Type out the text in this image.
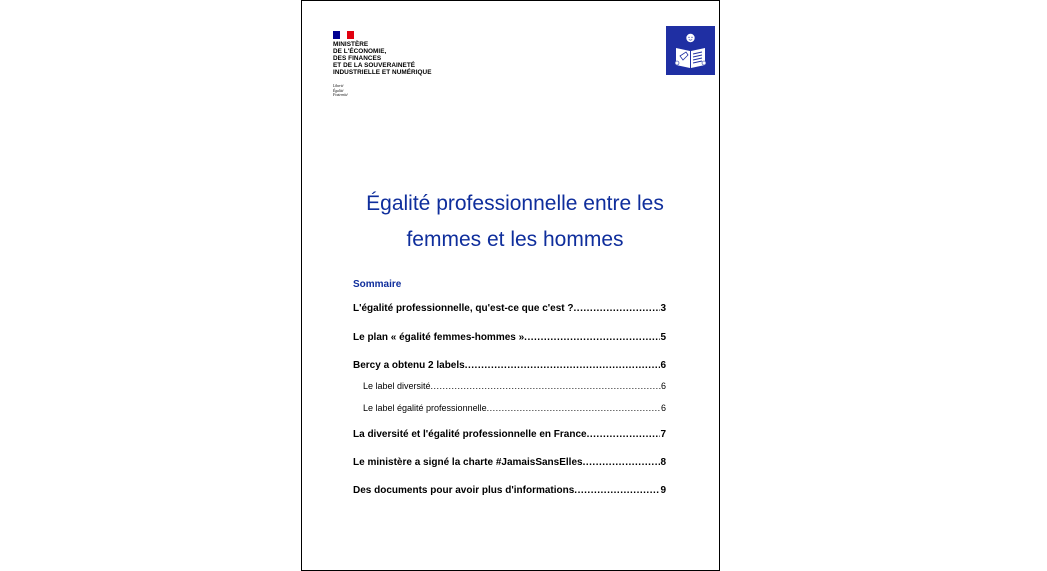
MINISTÈRE
DE L'ÉCONOMIE,
DES FINANCES
ET DE LA SOUVERAINETÉ
INDUSTRIELLE ET NUMÉRIQUE
Liberté
Égalité
Fraternité
Égalité professionnelle entre les
femmes et les hommes
Sommaire
L'égalité professionnelle, qu'est-ce que c'est ? .....	3
Le plan « égalité femmes-hommes » .....	5
Bercy a obtenu 2 labels .....	6
Le label diversité .....	6
Le label égalité professionnelle .....	6
La diversité et l'égalité professionnelle en France .....	7
Le ministère a signé la charte #JamaisSansElles .....	8
Des documents pour avoir plus d'informations .....	9
